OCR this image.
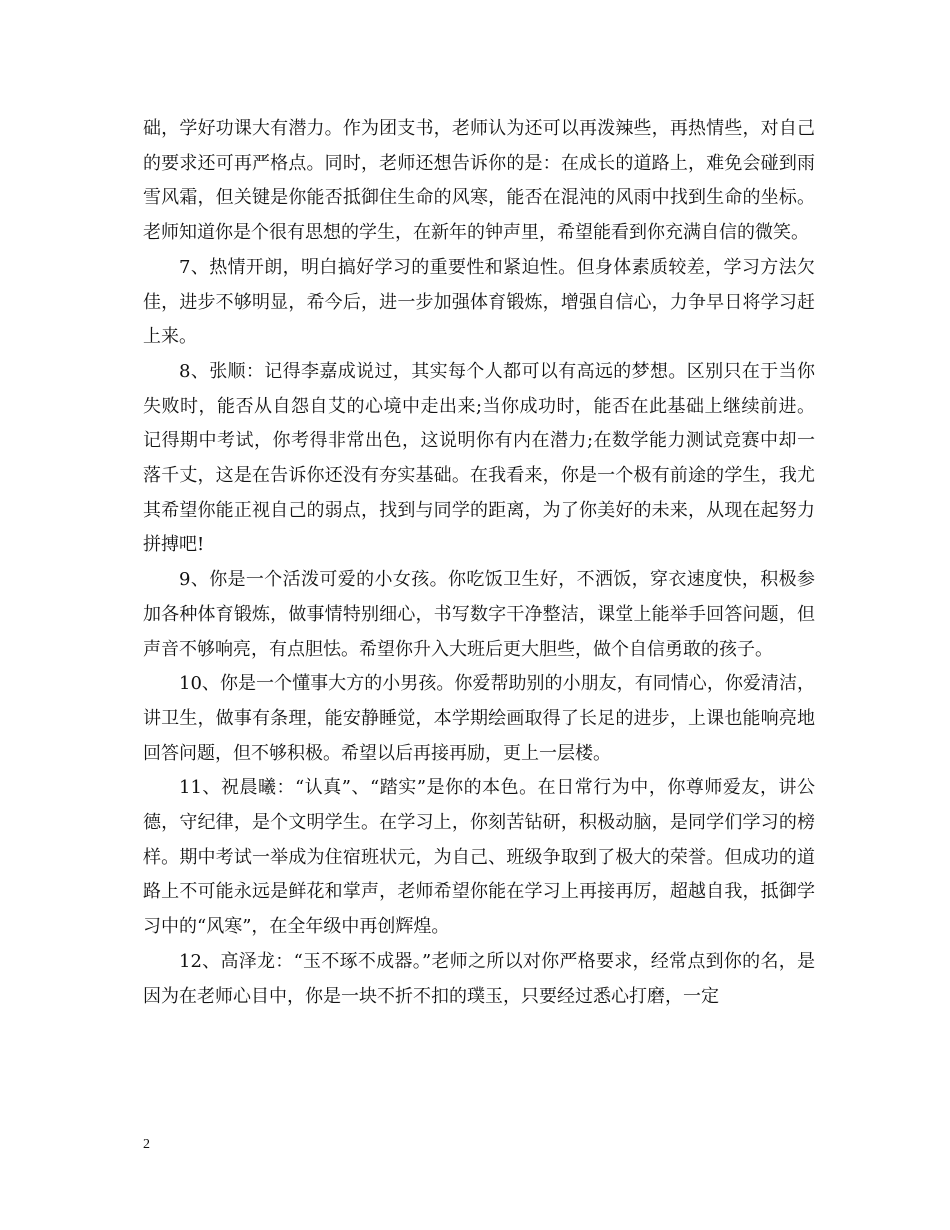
础，学好功课大有潜力。作为团支书，老师认为还可以再泼辣些，再热情些，对自己的要求还可再严格点。同时，老师还想告诉你的是：在成长的道路上，难免会碰到雨雪风霜，但关键是你能否抵御住生命的风寒，能否在混沌的风雨中找到生命的坐标。老师知道你是个很有思想的学生，在新年的钟声里，希望能看到你充满自信的微笑。

7、热情开朗，明白搞好学习的重要性和紧迫性。但身体素质较差，学习方法欠佳，进步不够明显，希今后，进一步加强体育锻炼，增强自信心，力争早日将学习赶上来。

8、张顺：记得李嘉成说过，其实每个人都可以有高远的梦想。区别只在于当你失败时，能否从自怨自艾的心境中走出来;当你成功时，能否在此基础上继续前进。记得期中考试，你考得非常出色，这说明你有内在潜力;在数学能力测试竞赛中却一落千丈，这是在告诉你还没有夯实基础。在我看来，你是一个极有前途的学生，我尤其希望你能正视自己的弱点，找到与同学的距离，为了你美好的未来，从现在起努力拼搏吧!

9、你是一个活泼可爱的小女孩。你吃饭卫生好，不洒饭，穿衣速度快，积极参加各种体育锻炼，做事情特别细心，书写数字干净整洁，课堂上能举手回答问题，但声音不够响亮，有点胆怯。希望你升入大班后更大胆些，做个自信勇敢的孩子。

10、你是一个懂事大方的小男孩。你爱帮助别的小朋友，有同情心，你爱清洁，讲卫生，做事有条理，能安静睡觉，本学期绘画取得了长足的进步，上课也能响亮地回答问题，但不够积极。希望以后再接再励，更上一层楼。

11、祝晨曦：“认真”、“踏实”是你的本色。在日常行为中，你尊师爱友，讲公德，守纪律，是个文明学生。在学习上，你刻苦钻研，积极动脑，是同学们学习的榜样。期中考试一举成为住宿班状元，为自己、班级争取到了极大的荣誉。但成功的道路上不可能永远是鲜花和掌声，老师希望你能在学习上再接再厉，超越自我，抵御学习中的“风寒”，在全年级中再创辉煌。

12、高泽龙：“玉不琢不成器。”老师之所以对你严格要求，经常点到你的名，是因为在老师心目中，你是一块不折不扣的璞玉，只要经过悉心打磨，一定

2
